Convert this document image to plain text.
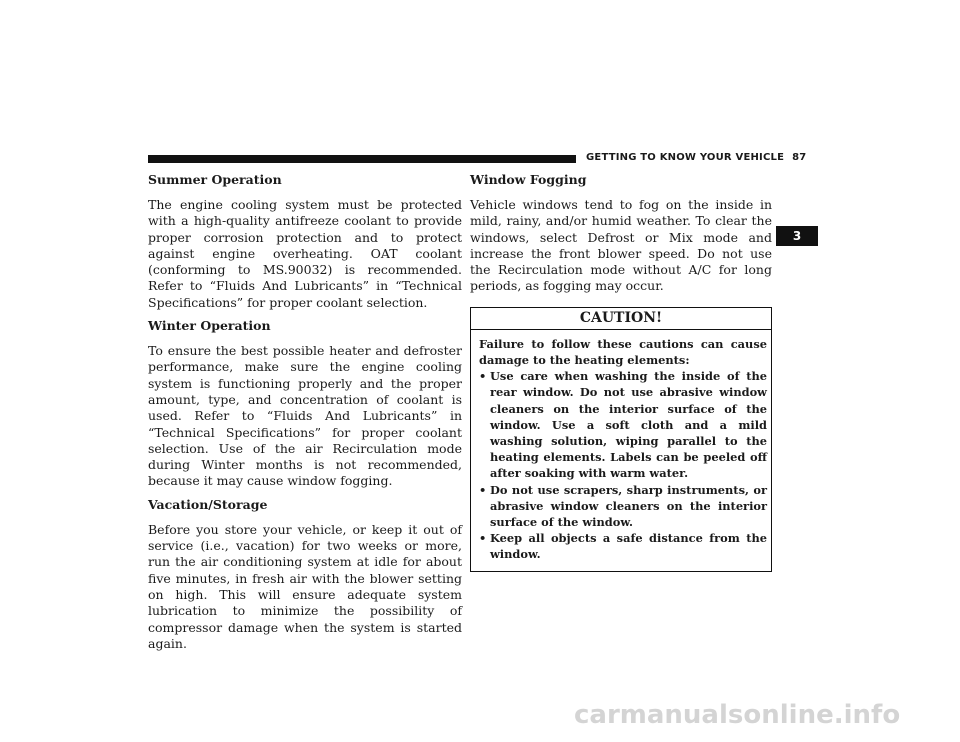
GETTING TO KNOW YOUR VEHICLE 87
3
Summer Operation

The engine cooling system must be protected with a high-quality antifreeze coolant to provide proper corrosion protection and to protect against engine overheating. OAT coolant (conforming to MS.90032) is recommended. Refer to “Fluids And Lubricants” in “Technical Specifications” for proper coolant selection.

Winter Operation

To ensure the best possible heater and defroster performance, make sure the engine cooling system is functioning properly and the proper amount, type, and concentration of coolant is used. Refer to “Fluids And Lubricants” in “Technical Specifications” for proper coolant selection. Use of the air Recirculation mode during Winter months is not recommended, because it may cause window fogging.

Vacation/Storage

Before you store your vehicle, or keep it out of service (i.e., vacation) for two weeks or more, run the air conditioning system at idle for about five minutes, in fresh air with the blower setting on high. This will ensure adequate system lubrication to minimize the possibility of compressor damage when the system is started again.

Window Fogging

Vehicle windows tend to fog on the inside in mild, rainy, and/or humid weather. To clear the windows, select Defrost or Mix mode and increase the front blower speed. Do not use the Recirculation mode without A/C for long periods, as fogging may occur.

CAUTION!

Failure to follow these cautions can cause damage to the heating elements:

• Use care when washing the inside of the rear window. Do not use abrasive window cleaners on the interior surface of the window. Use a soft cloth and a mild washing solution, wiping parallel to the heating elements. Labels can be peeled off after soaking with warm water.
• Do not use scrapers, sharp instruments, or abrasive window cleaners on the interior surface of the window.
• Keep all objects a safe distance from the window.
carmanualsonline.info
